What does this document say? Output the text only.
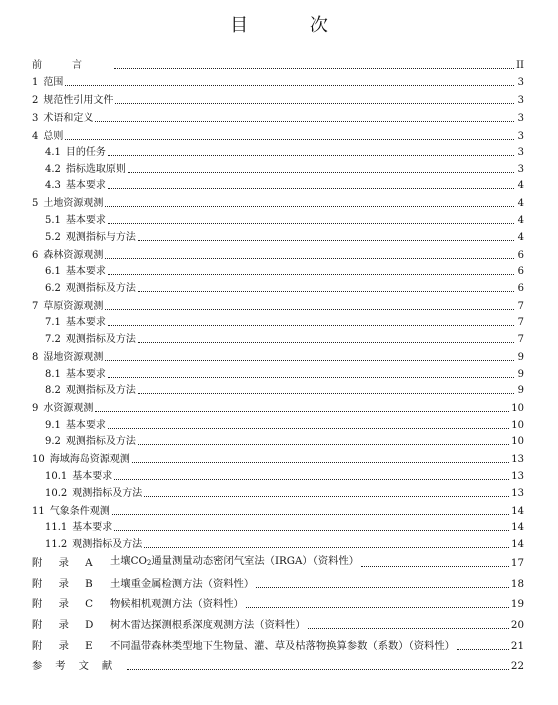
目 次
前言	II
1 范围	3
2 规范性引用文件	3
3 术语和定义	3
4 总则	3
4.1 目的任务	3
4.2 指标选取原则	3
4.3 基本要求	4
5 土地资源观测	4
5.1 基本要求	4
5.2 观测指标与方法	4
6 森林资源观测	6
6.1 基本要求	6
6.2 观测指标及方法	6
7 草原资源观测	7
7.1 基本要求	7
7.2 观测指标及方法	7
8 湿地资源观测	9
8.1 基本要求	9
8.2 观测指标及方法	9
9 水资源观测	10
9.1 基本要求	10
9.2 观测指标及方法	10
10 海域海岛资源观测	13
10.1 基本要求	13
10.2 观测指标及方法	13
11 气象条件观测	14
11.1 基本要求	14
11.2 观测指标及方法	14
附 录 A	土壤CO2通量测量动态密闭气室法（IRGA）（资料性）	17
附 录 B	土壤重金属检测方法（资料性）	18
附 录 C	物候相机观测方法（资料性）	19
附 录 D	树木雷达探测根系深度观测方法（资料性）	20
附 录 E	不同温带森林类型地下生物量、灌、草及枯落物换算参数（系数）（资料性）	21
参考文献	22
